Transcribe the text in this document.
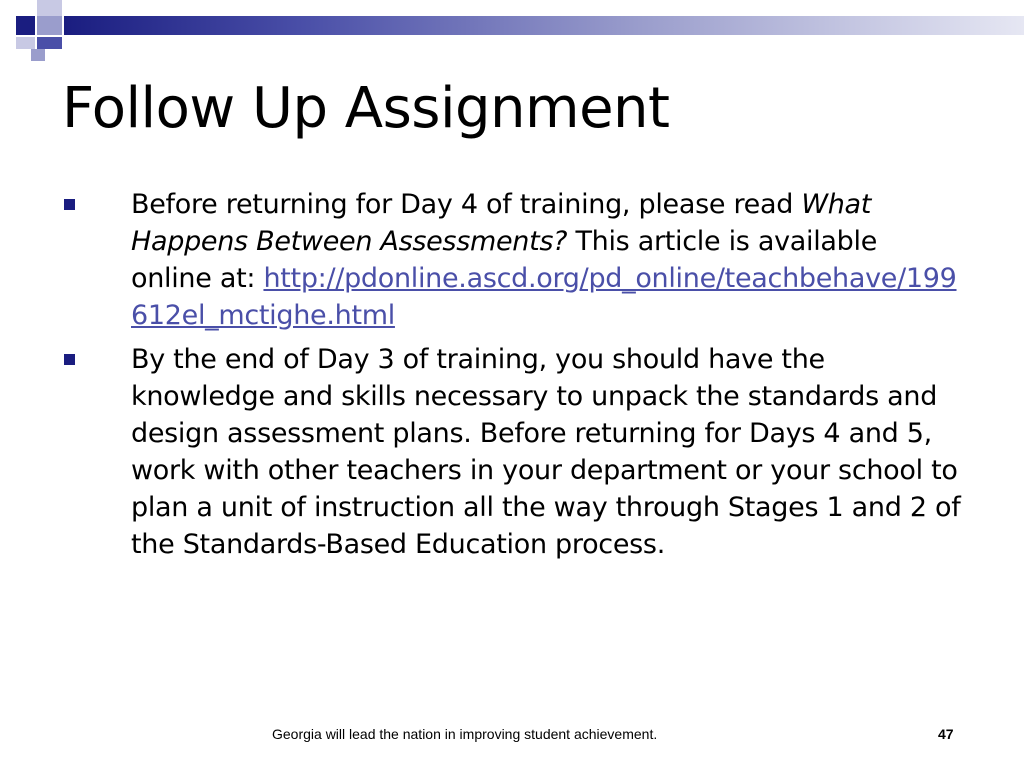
Follow Up Assignment
Before returning for Day 4 of training, please read What Happens Between Assessments? This article is available online at: http://pdonline.ascd.org/pd_online/teachbehave/199612el_mctighe.html
By the end of Day 3 of training, you should have the knowledge and skills necessary to unpack the standards and design assessment plans. Before returning for Days 4 and 5, work with other teachers in your department or your school to plan a unit of instruction all the way through Stages 1 and 2 of the Standards-Based Education process.
Georgia will lead the nation in improving student achievement.	47
